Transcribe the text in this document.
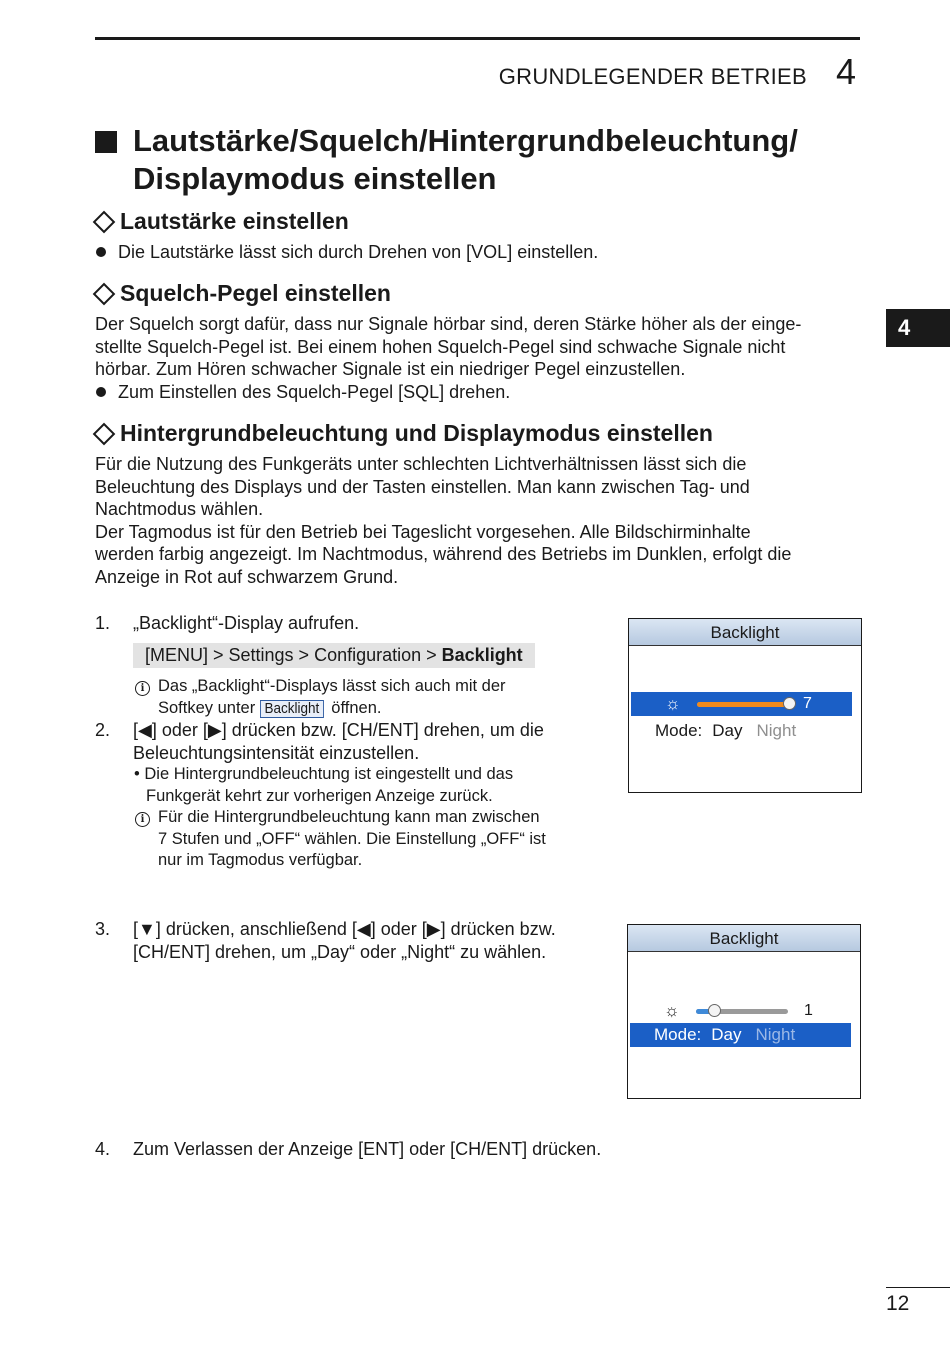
GRUNDLEGENDER BETRIEB 4
4
Lautstärke/Squelch/Hintergrundbeleuchtung/
Displaymodus einstellen
Lautstärke einstellen
Die Lautstärke lässt sich durch Drehen von [VOL] einstellen.
Squelch-Pegel einstellen
Der Squelch sorgt dafür, dass nur Signale hörbar sind, deren Stärke höher als der einge-
stellte Squelch-Pegel ist. Bei einem hohen Squelch-Pegel sind schwache Signale nicht
hörbar. Zum Hören schwacher Signale ist ein niedriger Pegel einzustellen.
Zum Einstellen des Squelch-Pegel [SQL] drehen.
Hintergrundbeleuchtung und Displaymodus einstellen
Für die Nutzung des Funkgeräts unter schlechten Lichtverhältnissen lässt sich die
Beleuchtung des Displays und der Tasten einstellen. Man kann zwischen Tag- und
Nachtmodus wählen.
Der Tagmodus ist für den Betrieb bei Tageslicht vorgesehen. Alle Bildschirminhalte
werden farbig angezeigt. Im Nachtmodus, während des Betriebs im Dunklen, erfolgt die
Anzeige in Rot auf schwarzem Grund.
1. „Backlight“-Display aufrufen.
[MENU] > Settings > Configuration > Backlight
i Das „Backlight“-Displays lässt sich auch mit der
Softkey unter Backlight öffnen.
2. [◀] oder [▶] drücken bzw. [CH/ENT] drehen, um die
Beleuchtungsintensität einzustellen.
• Die Hintergrundbeleuchtung ist eingestellt und das
Funkgerät kehrt zur vorherigen Anzeige zurück.
i Für die Hintergrundbeleuchtung kann man zwischen
7 Stufen und „OFF“ wählen. Die Einstellung „OFF“ ist
nur im Tagmodus verfügbar.
Backlight
☼	7
Mode: Day Night
3. [▼] drücken, anschließend [◀] oder [▶] drücken bzw.
[CH/ENT] drehen, um „Day“ oder „Night“ zu wählen.
Backlight
☼	1
Mode: Day Night
4. Zum Verlassen der Anzeige [ENT] oder [CH/ENT] drücken.
12
